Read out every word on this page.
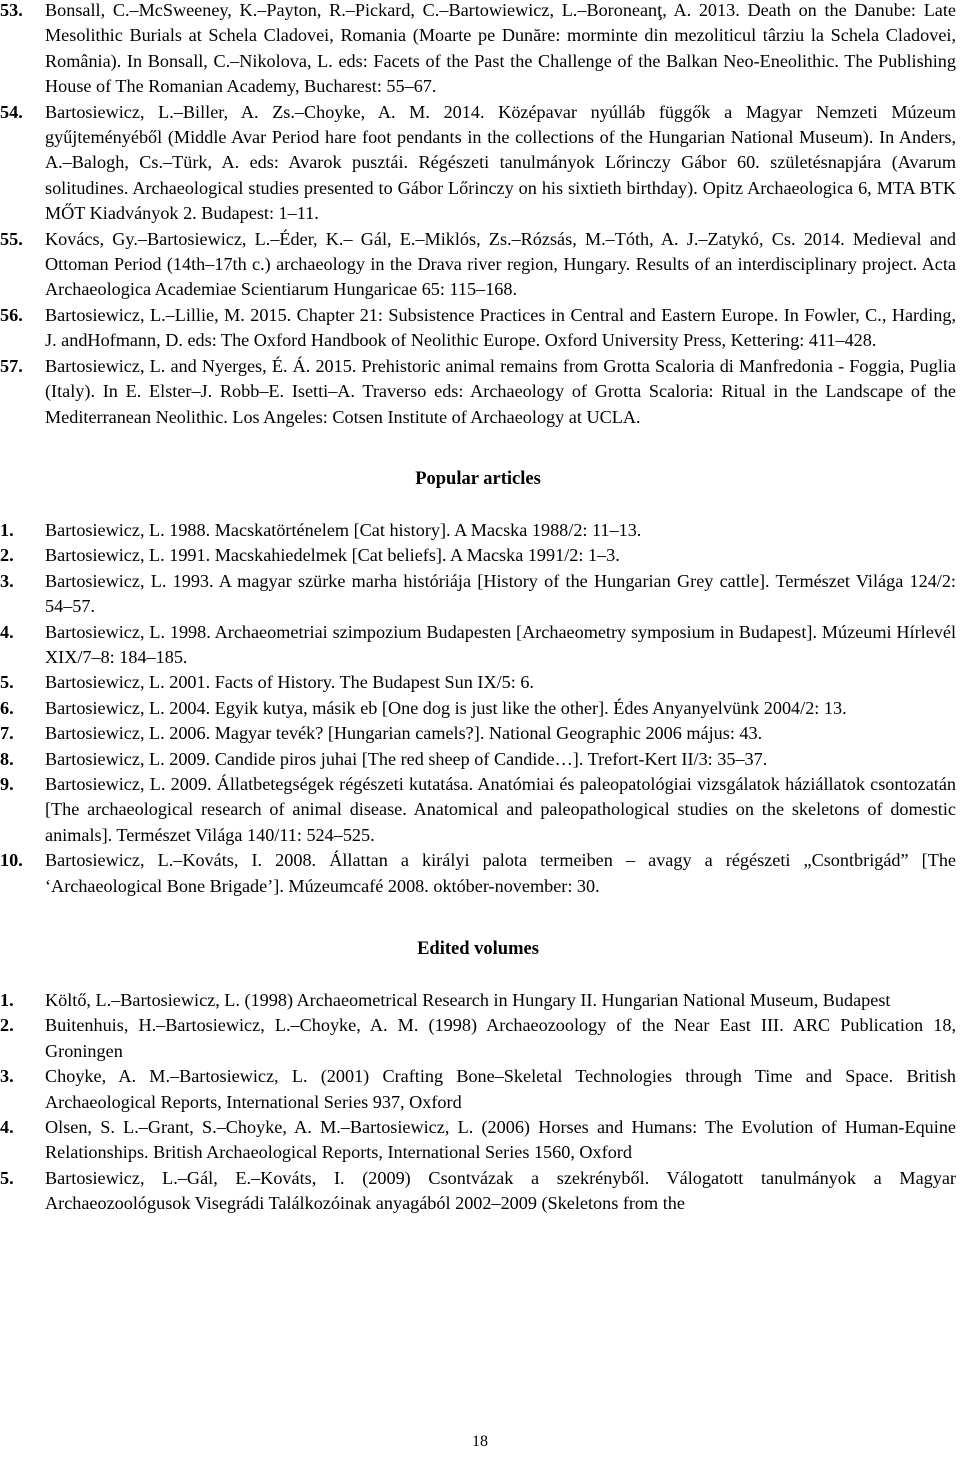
53. Bonsall, C.–McSweeney, K.–Payton, R.–Pickard, C.–Bartowiewicz, L.–Boroneanţ, A. 2013. Death on the Danube: Late Mesolithic Burials at Schela Cladovei, Romania (Moarte pe Dunăre: morminte din mezoliticul târziu la Schela Cladovei, România). In Bonsall, C.–Nikolova, L. eds: Facets of the Past the Challenge of the Balkan Neo-Eneolithic. The Publishing House of The Romanian Academy, Bucharest: 55–67.
54. Bartosiewicz, L.–Biller, A. Zs.–Choyke, A. M. 2014. Középavar nyúlláb függők a Magyar Nemzeti Múzeum gyűjteményéből (Middle Avar Period hare foot pendants in the collections of the Hungarian National Museum). In Anders, A.–Balogh, Cs.–Türk, A. eds: Avarok pusztái. Régészeti tanulmányok Lőrinczy Gábor 60. születésnapjára (Avarum solitudines. Archaeological studies presented to Gábor Lőrinczy on his sixtieth birthday). Opitz Archaeologica 6, MTA BTK MŐT Kiadványok 2. Budapest: 1–11.
55. Kovács, Gy.–Bartosiewicz, L.–Éder, K.– Gál, E.–Miklós, Zs.–Rózsás, M.–Tóth, A. J.–Zatykó, Cs. 2014. Medieval and Ottoman Period (14th–17th c.) archaeology in the Drava river region, Hungary. Results of an interdisciplinary project. Acta Archaeologica Academiae Scientiarum Hungaricae 65: 115–168.
56. Bartosiewicz, L.–Lillie, M. 2015. Chapter 21: Subsistence Practices in Central and Eastern Europe. In Fowler, C., Harding, J. andHofmann, D. eds: The Oxford Handbook of Neolithic Europe. Oxford University Press, Kettering: 411–428.
57. Bartosiewicz, L. and Nyerges, É. Á. 2015. Prehistoric animal remains from Grotta Scaloria di Manfredonia - Foggia, Puglia (Italy). In E. Elster–J. Robb–E. Isetti–A. Traverso eds: Archaeology of Grotta Scaloria: Ritual in the Landscape of the Mediterranean Neolithic. Los Angeles: Cotsen Institute of Archaeology at UCLA.
Popular articles
1. Bartosiewicz, L. 1988. Macskatörténelem [Cat history]. A Macska 1988/2: 11–13.
2. Bartosiewicz, L. 1991. Macskahiedelmek [Cat beliefs]. A Macska 1991/2: 1–3.
3. Bartosiewicz, L. 1993. A magyar szürke marha históriája [History of the Hungarian Grey cattle]. Természet Világa 124/2: 54–57.
4. Bartosiewicz, L. 1998. Archaeometriai szimpozium Budapesten [Archaeometry symposium in Budapest]. Múzeumi Hírlevél XIX/7–8: 184–185.
5. Bartosiewicz, L. 2001. Facts of History. The Budapest Sun IX/5: 6.
6. Bartosiewicz, L. 2004. Egyik kutya, másik eb [One dog is just like the other]. Édes Anyanyelvünk 2004/2: 13.
7. Bartosiewicz, L. 2006. Magyar tevék? [Hungarian camels?]. National Geographic 2006 május: 43.
8. Bartosiewicz, L. 2009. Candide piros juhai [The red sheep of Candide…]. Trefort-Kert II/3: 35–37.
9. Bartosiewicz, L. 2009. Állatbetegségek régészeti kutatása. Anatómiai és paleopatológiai vizsgálatok háziállatok csontozatán [The archaeological research of animal disease. Anatomical and paleopathological studies on the skeletons of domestic animals]. Természet Világa 140/11: 524–525.
10. Bartosiewicz, L.–Kováts, I. 2008. Állattan a királyi palota termeiben – avagy a régészeti „Csontbrigád” [The ‘Archaeological Bone Brigade’]. Múzeumcafé 2008. október-november: 30.
Edited volumes
1. Költő, L.–Bartosiewicz, L. (1998) Archaeometrical Research in Hungary II. Hungarian National Museum, Budapest
2. Buitenhuis, H.–Bartosiewicz, L.–Choyke, A. M. (1998) Archaeozoology of the Near East III. ARC Publication 18, Groningen
3. Choyke, A. M.–Bartosiewicz, L. (2001) Crafting Bone–Skeletal Technologies through Time and Space. British Archaeological Reports, International Series 937, Oxford
4. Olsen, S. L.–Grant, S.–Choyke, A. M.–Bartosiewicz, L. (2006) Horses and Humans: The Evolution of Human-Equine Relationships. British Archaeological Reports, International Series 1560, Oxford
5. Bartosiewicz, L.–Gál, E.–Kováts, I. (2009) Csontvázak a szekrényből. Válogatott tanulmányok a Magyar Archaeozoológusok Visegrádi Találkozóinak anyagából 2002–2009 (Skeletons from the
18
